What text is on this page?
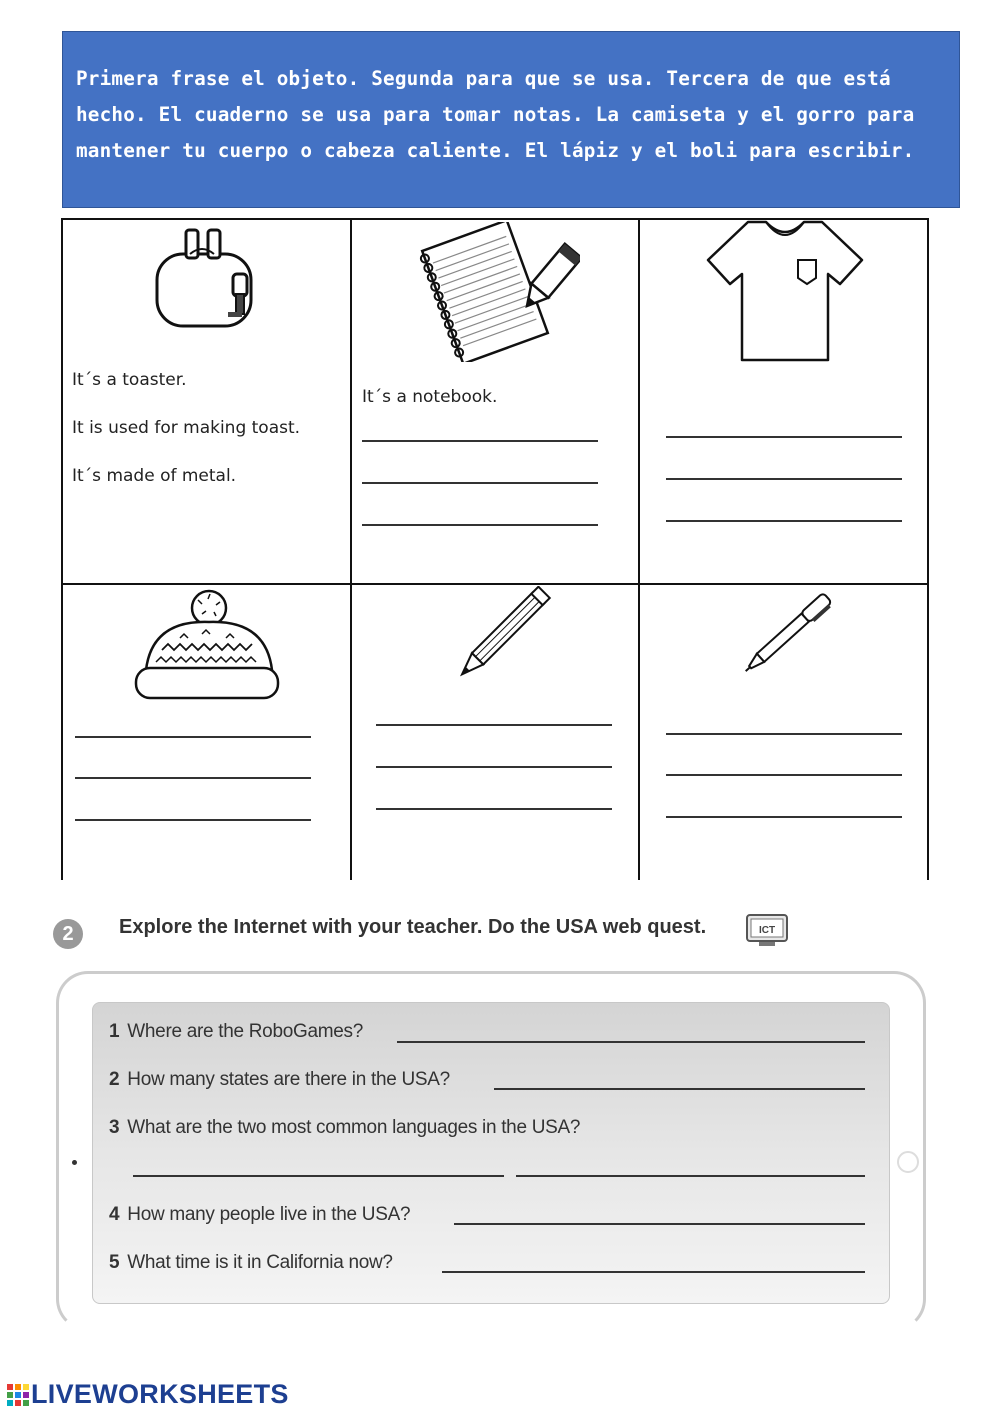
Primera frase el objeto. Segunda para que se usa. Tercera de que está
hecho. El cuaderno se usa para tomar notas. La camiseta y el gorro para
mantener tu cuerpo o cabeza caliente. El lápiz y el boli para escribir.
It´s a toaster.
It is used for making toast.
It´s made of metal.
It´s a notebook.
2	Explore the Internet with your teacher. Do the USA web quest.	ICT
1 Where are the RoboGames?
2 How many states are there in the USA?
3 What are the two most common languages in the USA?
4 How many people live in the USA?
5 What time is it in California now?
LIVEWORKSHEETS
